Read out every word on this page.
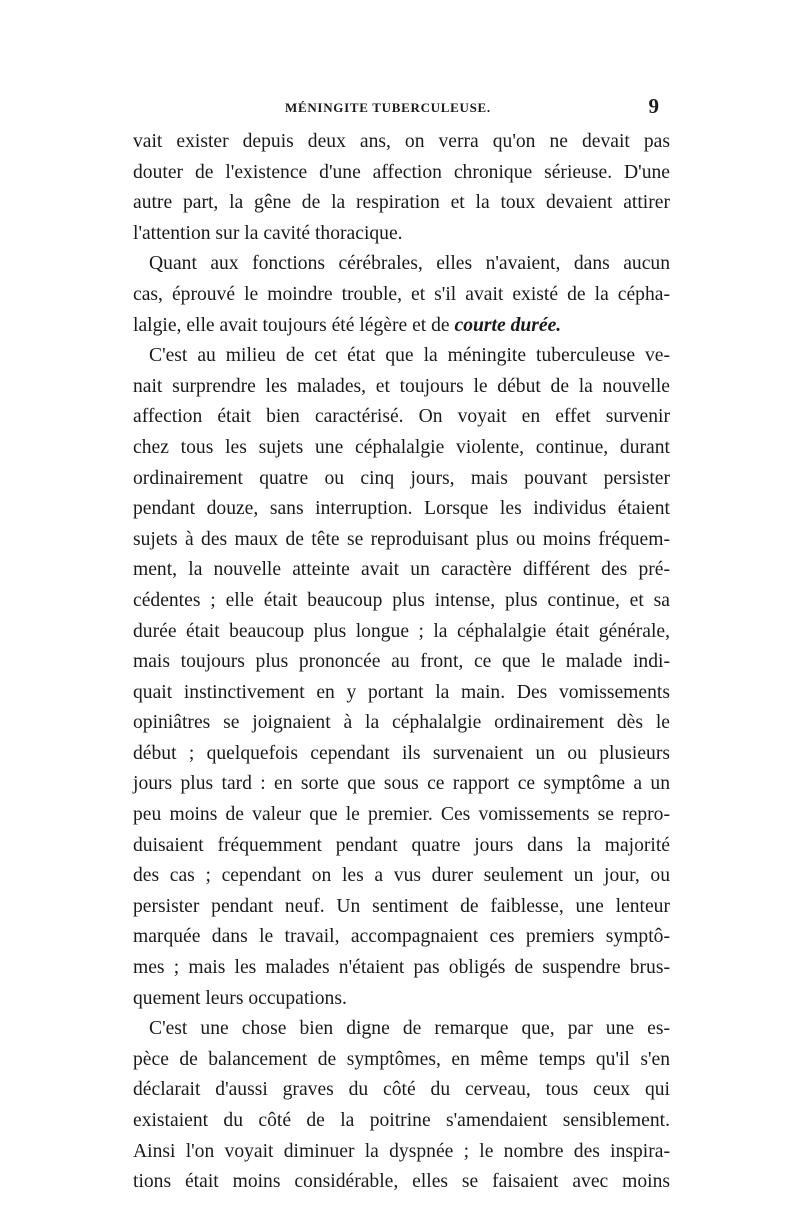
MÉNINGITE TUBERCULEUSE.	9
vait exister depuis deux ans, on verra qu'on ne devait pas
douter de l'existence d'une affection chronique sérieuse. D'une
autre part, la gêne de la respiration et la toux devaient attirer
l'attention sur la cavité thoracique.
Quant aux fonctions cérébrales, elles n'avaient, dans aucun
cas, éprouvé le moindre trouble, et s'il avait existé de la cépha-
lalgie, elle avait toujours été légère et de courte durée.
C'est au milieu de cet état que la méningite tuberculeuse ve-
nait surprendre les malades, et toujours le début de la nouvelle
affection était bien caractérisé. On voyait en effet survenir
chez tous les sujets une céphalalgie violente, continue, durant
ordinairement quatre ou cinq jours, mais pouvant persister
pendant douze, sans interruption. Lorsque les individus étaient
sujets à des maux de tête se reproduisant plus ou moins fréquem-
ment, la nouvelle atteinte avait un caractère différent des pré-
cédentes ; elle était beaucoup plus intense, plus continue, et sa
durée était beaucoup plus longue ; la céphalalgie était générale,
mais toujours plus prononcée au front, ce que le malade indi-
quait instinctivement en y portant la main. Des vomissements
opiniâtres se joignaient à la céphalalgie ordinairement dès le
début ; quelquefois cependant ils survenaient un ou plusieurs
jours plus tard : en sorte que sous ce rapport ce symptôme a un
peu moins de valeur que le premier. Ces vomissements se repro-
duisaient fréquemment pendant quatre jours dans la majorité
des cas ; cependant on les a vus durer seulement un jour, ou
persister pendant neuf. Un sentiment de faiblesse, une lenteur
marquée dans le travail, accompagnaient ces premiers symptô-
mes ; mais les malades n'étaient pas obligés de suspendre brus-
quement leurs occupations.
C'est une chose bien digne de remarque que, par une es-
pèce de balancement de symptômes, en même temps qu'il s'en
déclarait d'aussi graves du côté du cerveau, tous ceux qui
existaient du côté de la poitrine s'amendaient sensiblement.
Ainsi l'on voyait diminuer la dyspnée ; le nombre des inspira-
tions était moins considérable, elles se faisaient avec moins
